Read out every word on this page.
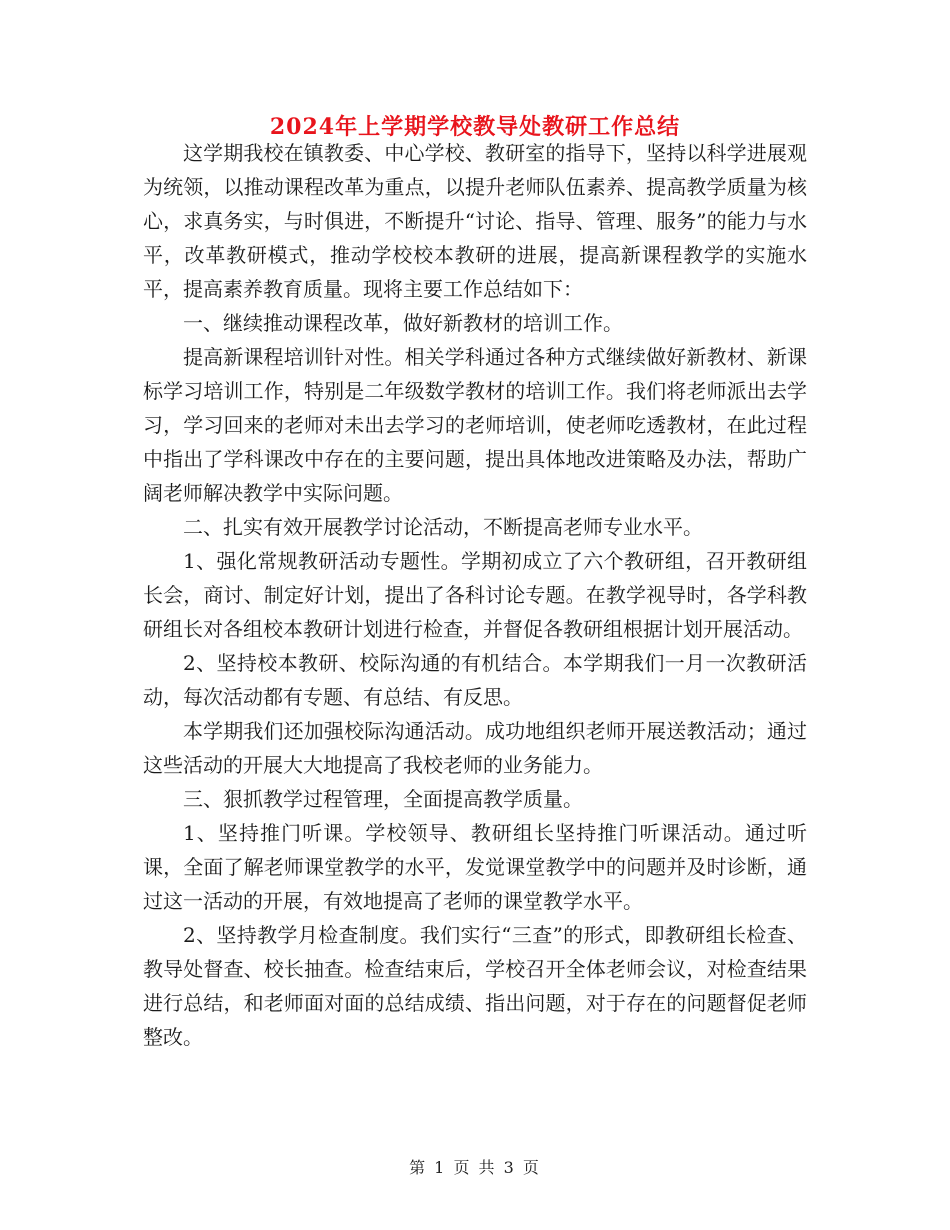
2024年上学期学校教导处教研工作总结

这学期我校在镇教委、中心学校、教研室的指导下，坚持以科学进展观为统领，以推动课程改革为重点，以提升老师队伍素养、提高教学质量为核心，求真务实，与时俱进，不断提升“讨论、指导、管理、服务”的能力与水平，改革教研模式，推动学校校本教研的进展，提高新课程教学的实施水平，提高素养教育质量。现将主要工作总结如下：

一、继续推动课程改革，做好新教材的培训工作。

提高新课程培训针对性。相关学科通过各种方式继续做好新教材、新课标学习培训工作，特别是二年级数学教材的培训工作。我们将老师派出去学习，学习回来的老师对未出去学习的老师培训，使老师吃透教材，在此过程中指出了学科课改中存在的主要问题，提出具体地改进策略及办法，帮助广阔老师解决教学中实际问题。

二、扎实有效开展教学讨论活动，不断提高老师专业水平。

1、强化常规教研活动专题性。学期初成立了六个教研组，召开教研组长会，商讨、制定好计划，提出了各科讨论专题。在教学视导时，各学科教研组长对各组校本教研计划进行检查，并督促各教研组根据计划开展活动。

2、坚持校本教研、校际沟通的有机结合。本学期我们一月一次教研活动，每次活动都有专题、有总结、有反思。

本学期我们还加强校际沟通活动。成功地组织老师开展送教活动；通过这些活动的开展大大地提高了我校老师的业务能力。

三、狠抓教学过程管理，全面提高教学质量。

1、坚持推门听课。学校领导、教研组长坚持推门听课活动。通过听课，全面了解老师课堂教学的水平，发觉课堂教学中的问题并及时诊断，通过这一活动的开展，有效地提高了老师的课堂教学水平。

2、坚持教学月检查制度。我们实行“三查”的形式，即教研组长检查、教导处督查、校长抽查。检查结束后，学校召开全体老师会议，对检查结果进行总结，和老师面对面的总结成绩、指出问题，对于存在的问题督促老师整改。

第 1 页 共 3 页
